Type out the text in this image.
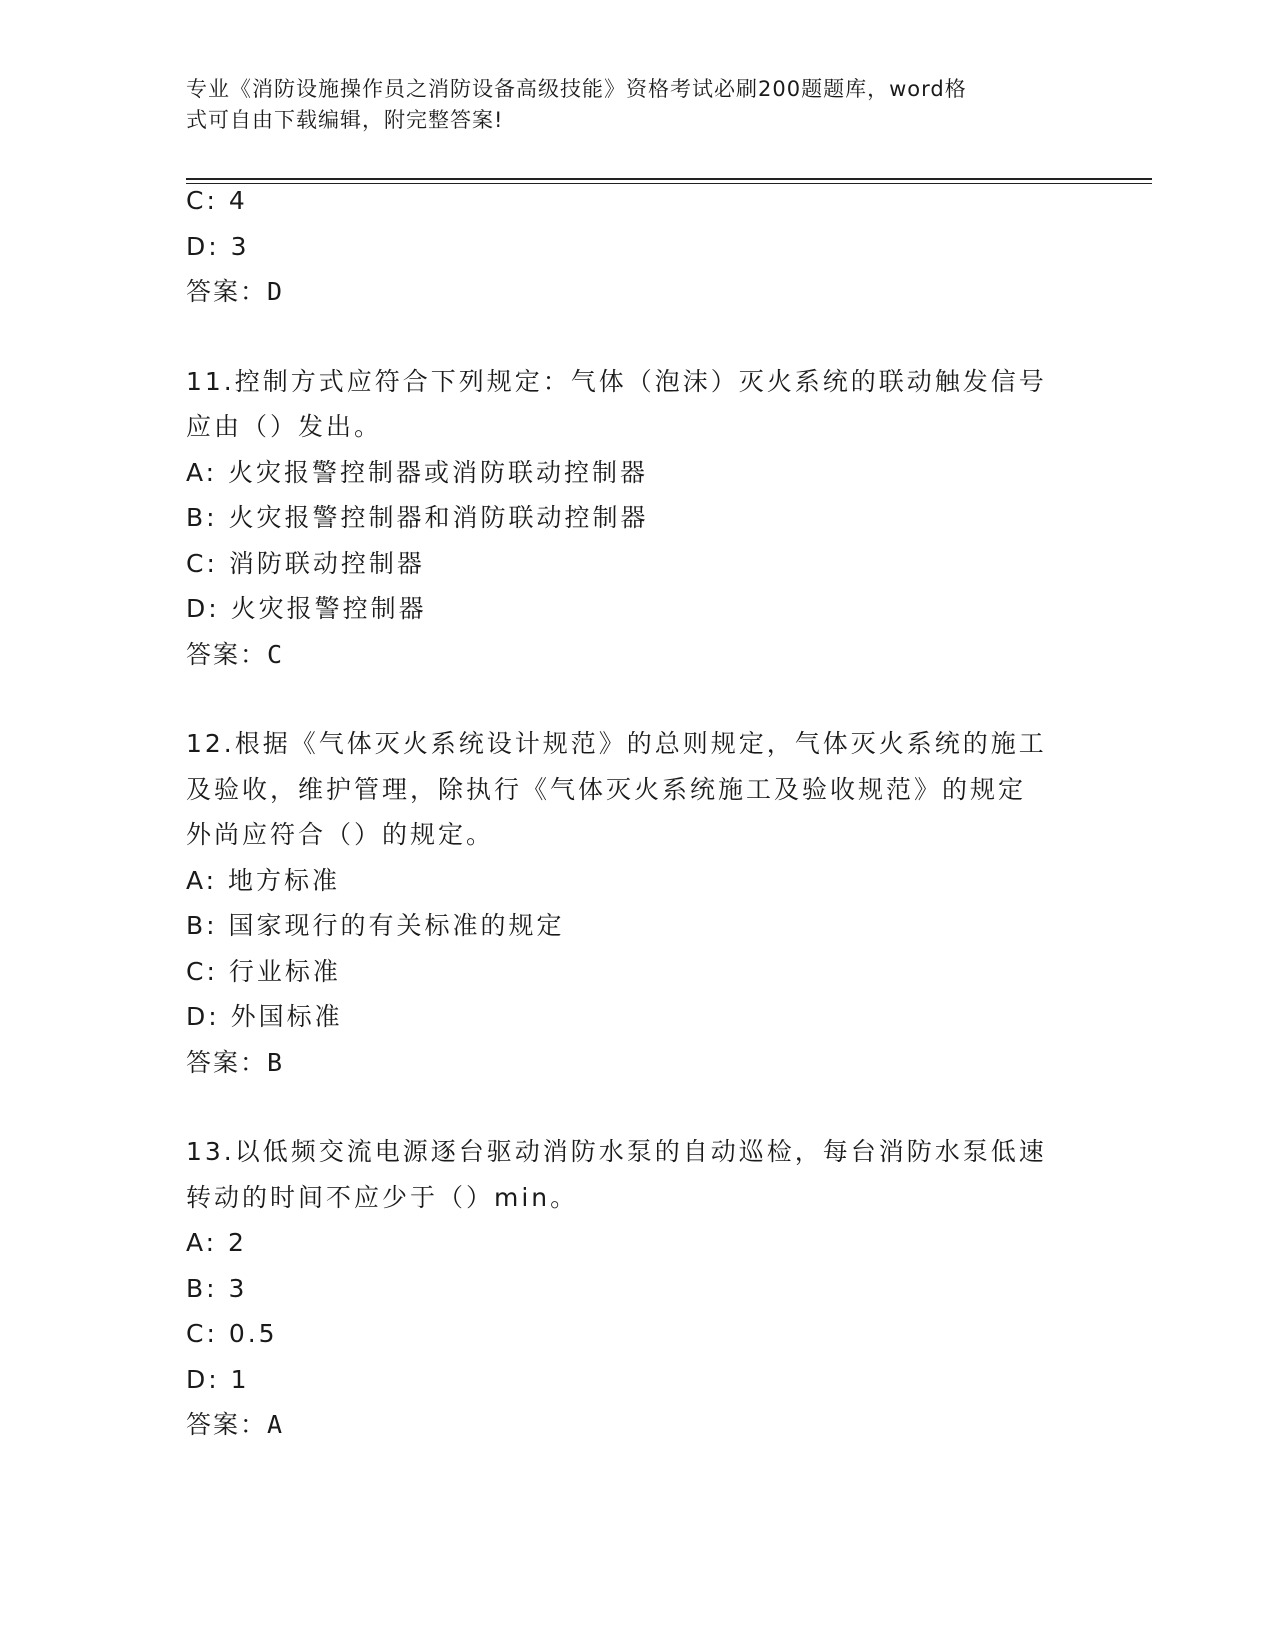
专业《消防设施操作员之消防设备高级技能》资格考试必刷200题题库，word格
式可自由下载编辑，附完整答案!
C: 4
D: 3
答案：D
11.控制方式应符合下列规定：气体（泡沫）灭火系统的联动触发信号
应由（）发出。
A: 火灾报警控制器或消防联动控制器
B: 火灾报警控制器和消防联动控制器
C: 消防联动控制器
D: 火灾报警控制器
答案：C
12.根据《气体灭火系统设计规范》的总则规定，气体灭火系统的施工
及验收，维护管理，除执行《气体灭火系统施工及验收规范》的规定
外尚应符合（）的规定。
A: 地方标准
B: 国家现行的有关标准的规定
C: 行业标准
D: 外国标准
答案：B
13.以低频交流电源逐台驱动消防水泵的自动巡检，每台消防水泵低速
转动的时间不应少于（）min。
A: 2
B: 3
C: 0.5
D: 1
答案：A
